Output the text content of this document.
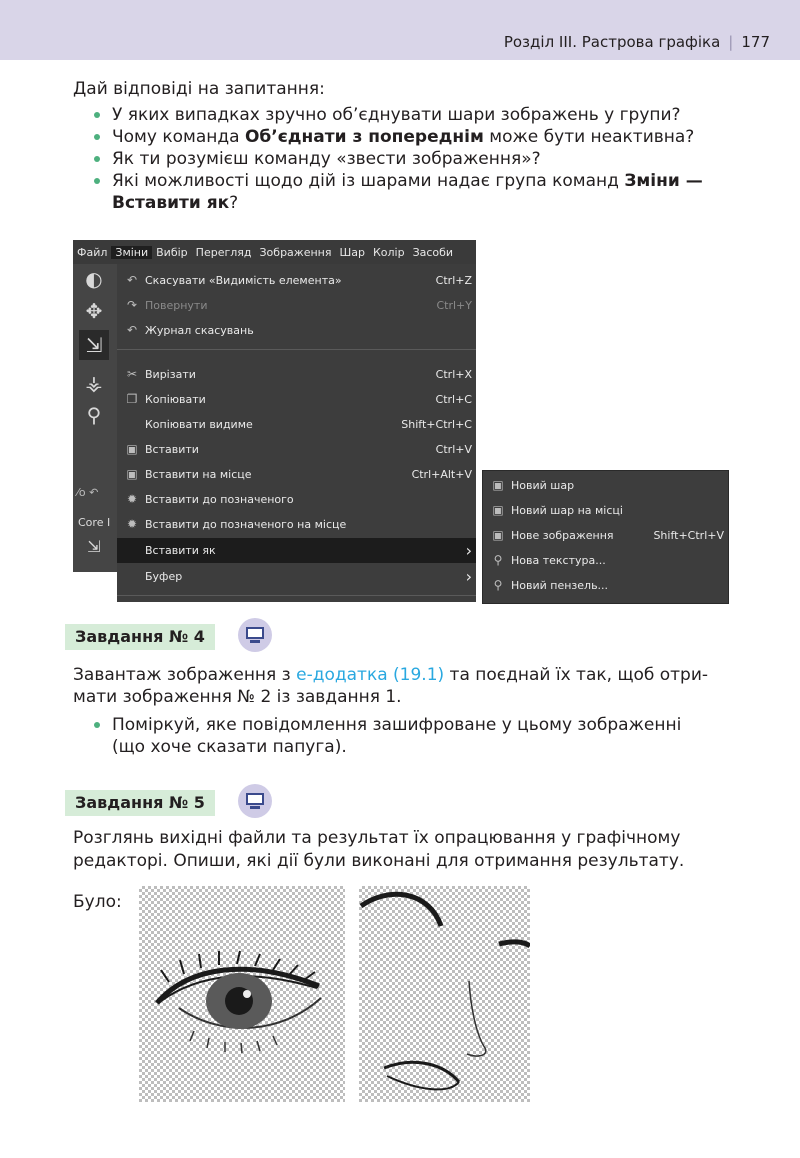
Розділ ІІІ. Растрова графіка | 177
Дай відповіді на запитання:
У яких випадках зручно об’єднувати шари зображень у групи?
Чому команда Об’єднати з попереднім може бути неактивна?
Як ти розумієш команду «звести зображення»?
Які можливості щодо дій із шарами надає група команд Зміни — Вставити як?
Файл Зміни Вибір Перегляд Зображення Шар Колір Засоби
◐
✥
⇲
⚶
⚲
⁄o ↶
Core I
⇲
↶ Скасувати «Видимість елемента»	Ctrl+Z
↷ Повернути	Ctrl+Y
↶ Журнал скасувань
✂ Вирізати	Ctrl+X
❐ Копіювати	Ctrl+C
Копіювати видиме	Shift+Ctrl+C
▣ Вставити	Ctrl+V
▣ Вставити на місце	Ctrl+Alt+V
✹ Вставити до позначеного
✹ Вставити до позначеного на місце
Вставити як	›
Буфер	›
▣ Новий шар
▣ Новий шар на місці
▣ Нове зображення	Shift+Ctrl+V
⚲ Нова текстура...
⚲ Новий пензель...
Завдання № 4
Завантаж зображення з е-додатка (19.1) та поєднай їх так, щоб отри-
мати зображення № 2 із завдання 1.
Поміркуй, яке повідомлення зашифроване у цьому зображенні
(що хоче сказати папуга).
Завдання № 5
Розглянь вихідні файли та результат їх опрацювання у графічному
редакторі. Опиши, які дії були виконані для отримання результату.
Було:
